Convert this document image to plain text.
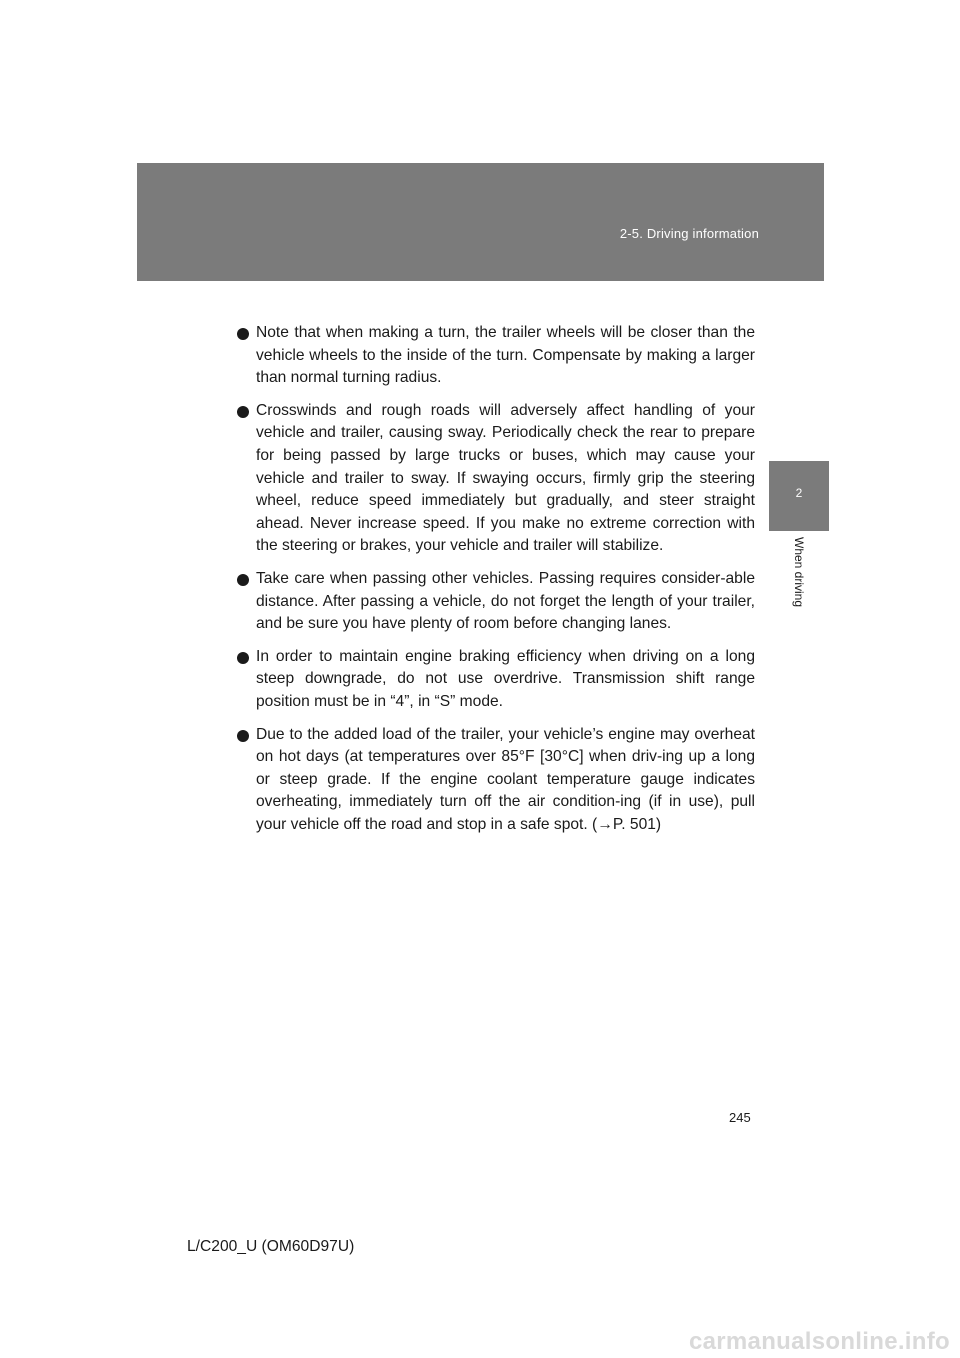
2-5. Driving information
2
When driving
Note that when making a turn, the trailer wheels will be closer than the vehicle wheels to the inside of the turn. Compensate by making a larger than normal turning radius.
Crosswinds and rough roads will adversely affect handling of your vehicle and trailer, causing sway. Periodically check the rear to prepare for being passed by large trucks or buses, which may cause your vehicle and trailer to sway. If swaying occurs, firmly grip the steering wheel, reduce speed immediately but gradually, and steer straight ahead. Never increase speed. If you make no extreme correction with the steering or brakes, your vehicle and trailer will stabilize.
Take care when passing other vehicles. Passing requires consider-able distance. After passing a vehicle, do not forget the length of your trailer, and be sure you have plenty of room before changing lanes.
In order to maintain engine braking efficiency when driving on a long steep downgrade, do not use overdrive. Transmission shift range position must be in “4”, in “S” mode.
Due to the added load of the trailer, your vehicle’s engine may overheat on hot days (at temperatures over 85°F [30°C] when driv-ing up a long or steep grade. If the engine coolant temperature gauge indicates overheating, immediately turn off the air condition-ing (if in use), pull your vehicle off the road and stop in a safe spot. (→P. 501)
245
L/C200_U (OM60D97U)
carmanualsonline.info
